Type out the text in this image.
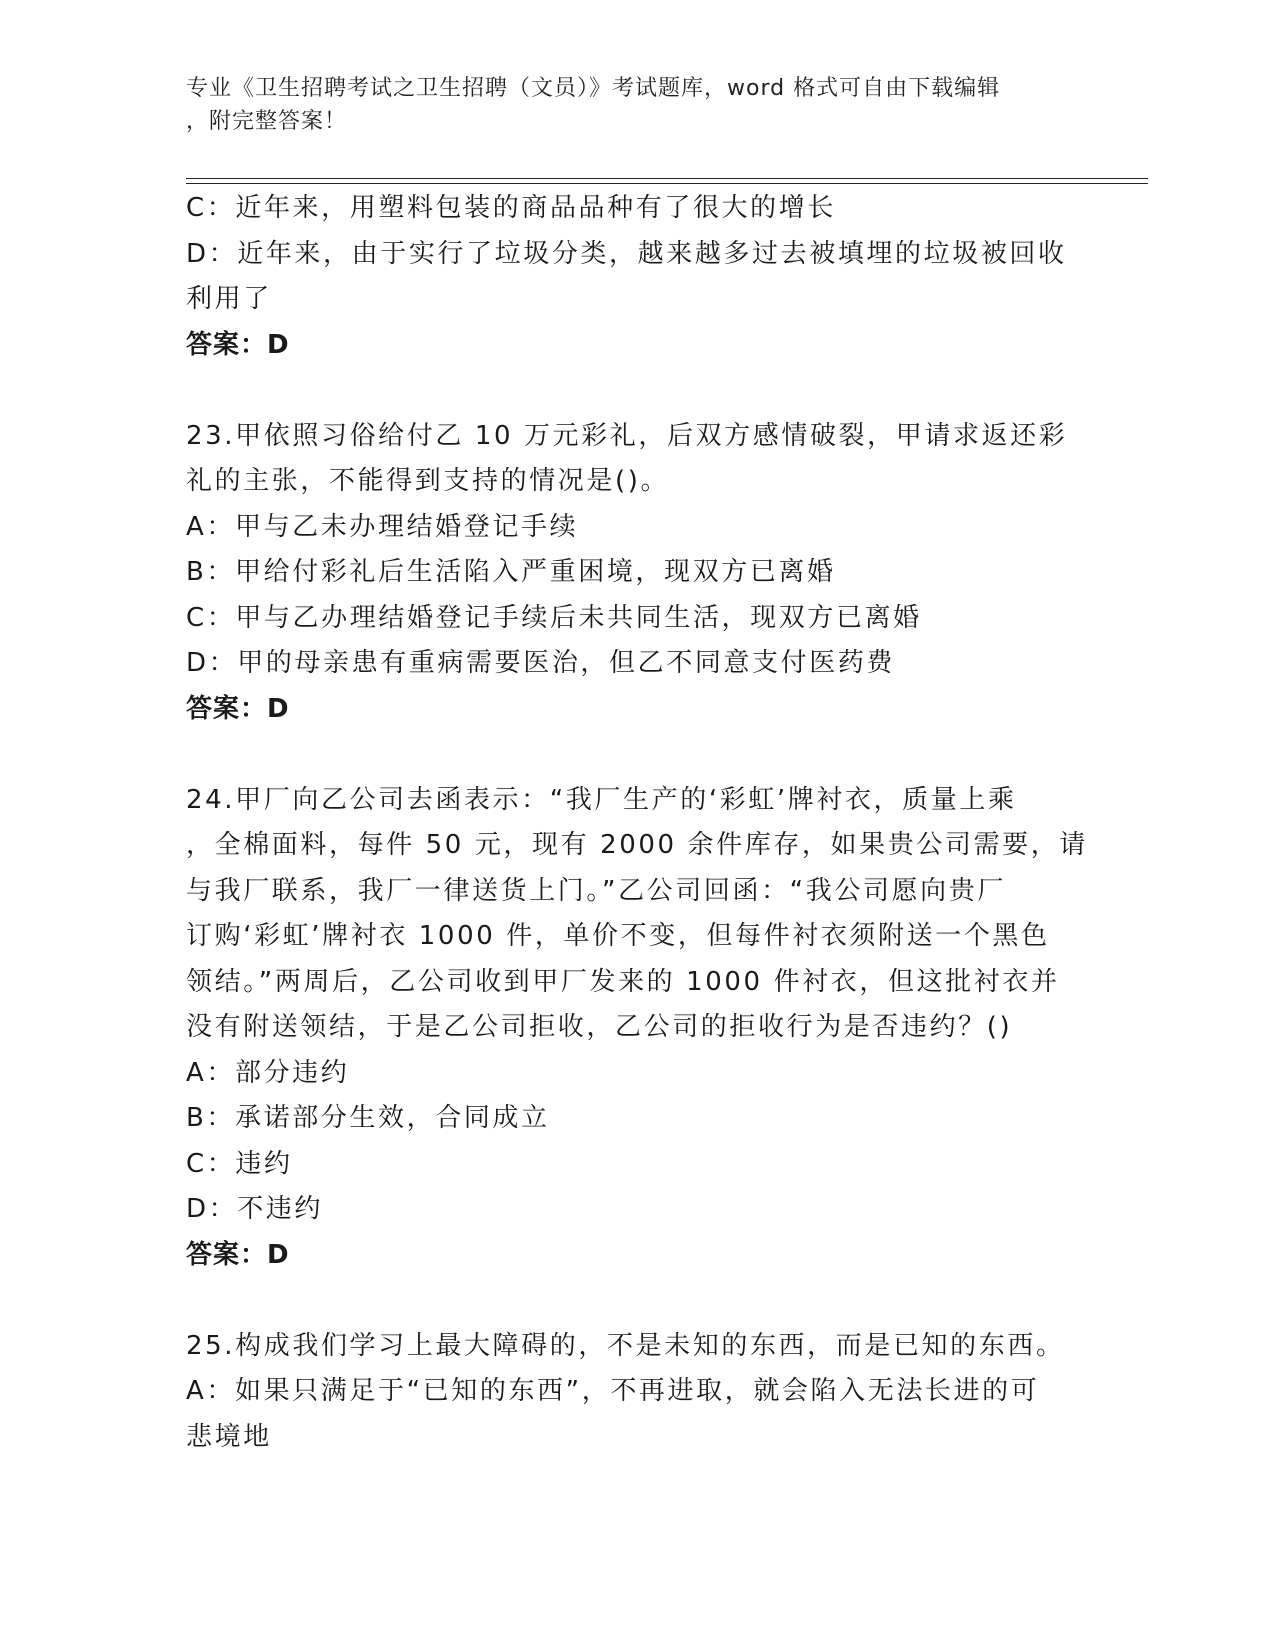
专业《卫生招聘考试之卫生招聘（文员）》考试题库，word 格式可自由下载编辑
，附完整答案！
C：近年来，用塑料包装的商品品种有了很大的增长
D：近年来，由于实行了垃圾分类，越来越多过去被填埋的垃圾被回收
利用了
答案：D
23.甲依照习俗给付乙 10 万元彩礼，后双方感情破裂，甲请求返还彩
礼的主张，不能得到支持的情况是()。
A：甲与乙未办理结婚登记手续
B：甲给付彩礼后生活陷入严重困境，现双方已离婚
C：甲与乙办理结婚登记手续后未共同生活，现双方已离婚
D：甲的母亲患有重病需要医治，但乙不同意支付医药费
答案：D
24.甲厂向乙公司去函表示：“我厂生产的‘彩虹’牌衬衣，质量上乘
，全棉面料，每件 50 元，现有 2000 余件库存，如果贵公司需要，请
与我厂联系，我厂一律送货上门。”乙公司回函：“我公司愿向贵厂
订购‘彩虹’牌衬衣 1000 件，单价不变，但每件衬衣须附送一个黑色
领结。”两周后，乙公司收到甲厂发来的 1000 件衬衣，但这批衬衣并
没有附送领结，于是乙公司拒收，乙公司的拒收行为是否违约？()
A：部分违约
B：承诺部分生效，合同成立
C：违约
D：不违约
答案：D
25.构成我们学习上最大障碍的，不是未知的东西，而是已知的东西。
A：如果只满足于“已知的东西”，不再进取，就会陷入无法长进的可
悲境地
